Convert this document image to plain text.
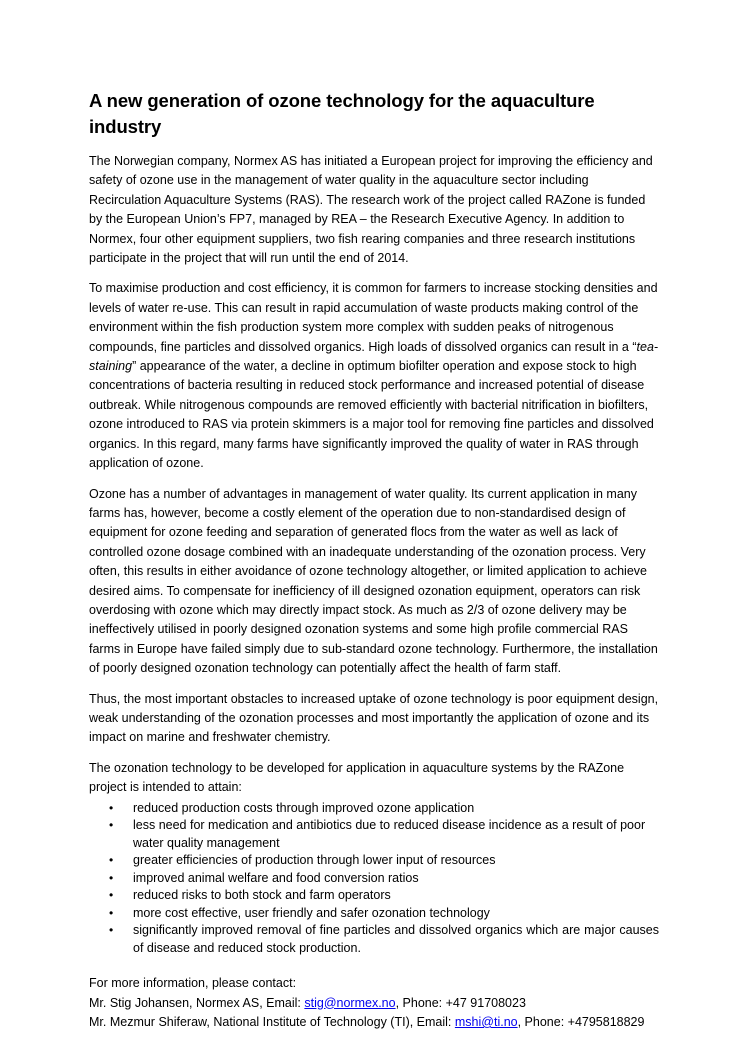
A new generation of ozone technology for the aquaculture industry

The Norwegian company, Normex AS has initiated a European project for improving the efficiency and safety of ozone use in the management of water quality in the aquaculture sector including Recirculation Aquaculture Systems (RAS). The research work of the project called RAZone is funded by the European Union’s FP7, managed by REA – the Research Executive Agency. In addition to Normex, four other equipment suppliers, two fish rearing companies and three research institutions participate in the project that will run until the end of 2014.

To maximise production and cost efficiency, it is common for farmers to increase stocking densities and levels of water re-use. This can result in rapid accumulation of waste products making control of the environment within the fish production system more complex with sudden peaks of nitrogenous compounds, fine particles and dissolved organics. High loads of dissolved organics can result in a “tea- staining” appearance of the water, a decline in optimum biofilter operation and expose stock to high concentrations of bacteria resulting in reduced stock performance and increased potential of disease outbreak. While nitrogenous compounds are removed efficiently with bacterial nitrification in biofilters, ozone introduced to RAS via protein skimmers is a major tool for removing fine particles and dissolved organics. In this regard, many farms have significantly improved the quality of water in RAS through application of ozone.

Ozone has a number of advantages in management of water quality. Its current application in many farms has, however, become a costly element of the operation due to non-standardised design of equipment for ozone feeding and separation of generated flocs from the water as well as lack of controlled ozone dosage combined with an inadequate understanding of the ozonation process. Very often, this results in either avoidance of ozone technology altogether, or limited application to achieve desired aims. To compensate for inefficiency of ill designed ozonation equipment, operators can risk overdosing with ozone which may directly impact stock. As much as 2/3 of ozone delivery may be ineffectively utilised in poorly designed ozonation systems and some high profile commercial RAS farms in Europe have failed simply due to sub-standard ozone technology. Furthermore, the installation of poorly designed ozonation technology can potentially affect the health of farm staff.

Thus, the most important obstacles to increased uptake of ozone technology is poor equipment design, weak understanding of the ozonation processes and most importantly the application of ozone and its impact on marine and freshwater chemistry.

The ozonation technology to be developed for application in aquaculture systems by the RAZone project is intended to attain:

• reduced production costs through improved ozone application
• less need for medication and antibiotics due to reduced disease incidence as a result of poor water quality management
• greater efficiencies of production through lower input of resources
• improved animal welfare and food conversion ratios
• reduced risks to both stock and farm operators
• more cost effective, user friendly and safer ozonation technology
• significantly improved removal of fine particles and dissolved organics which are major causes of disease and reduced stock production.

For more information, please contact:

Mr. Stig Johansen, Normex AS, Email: stig@normex.no, Phone: +47 91708023

Mr. Mezmur Shiferaw, National Institute of Technology (TI), Email: mshi@ti.no, Phone: +4795818829
